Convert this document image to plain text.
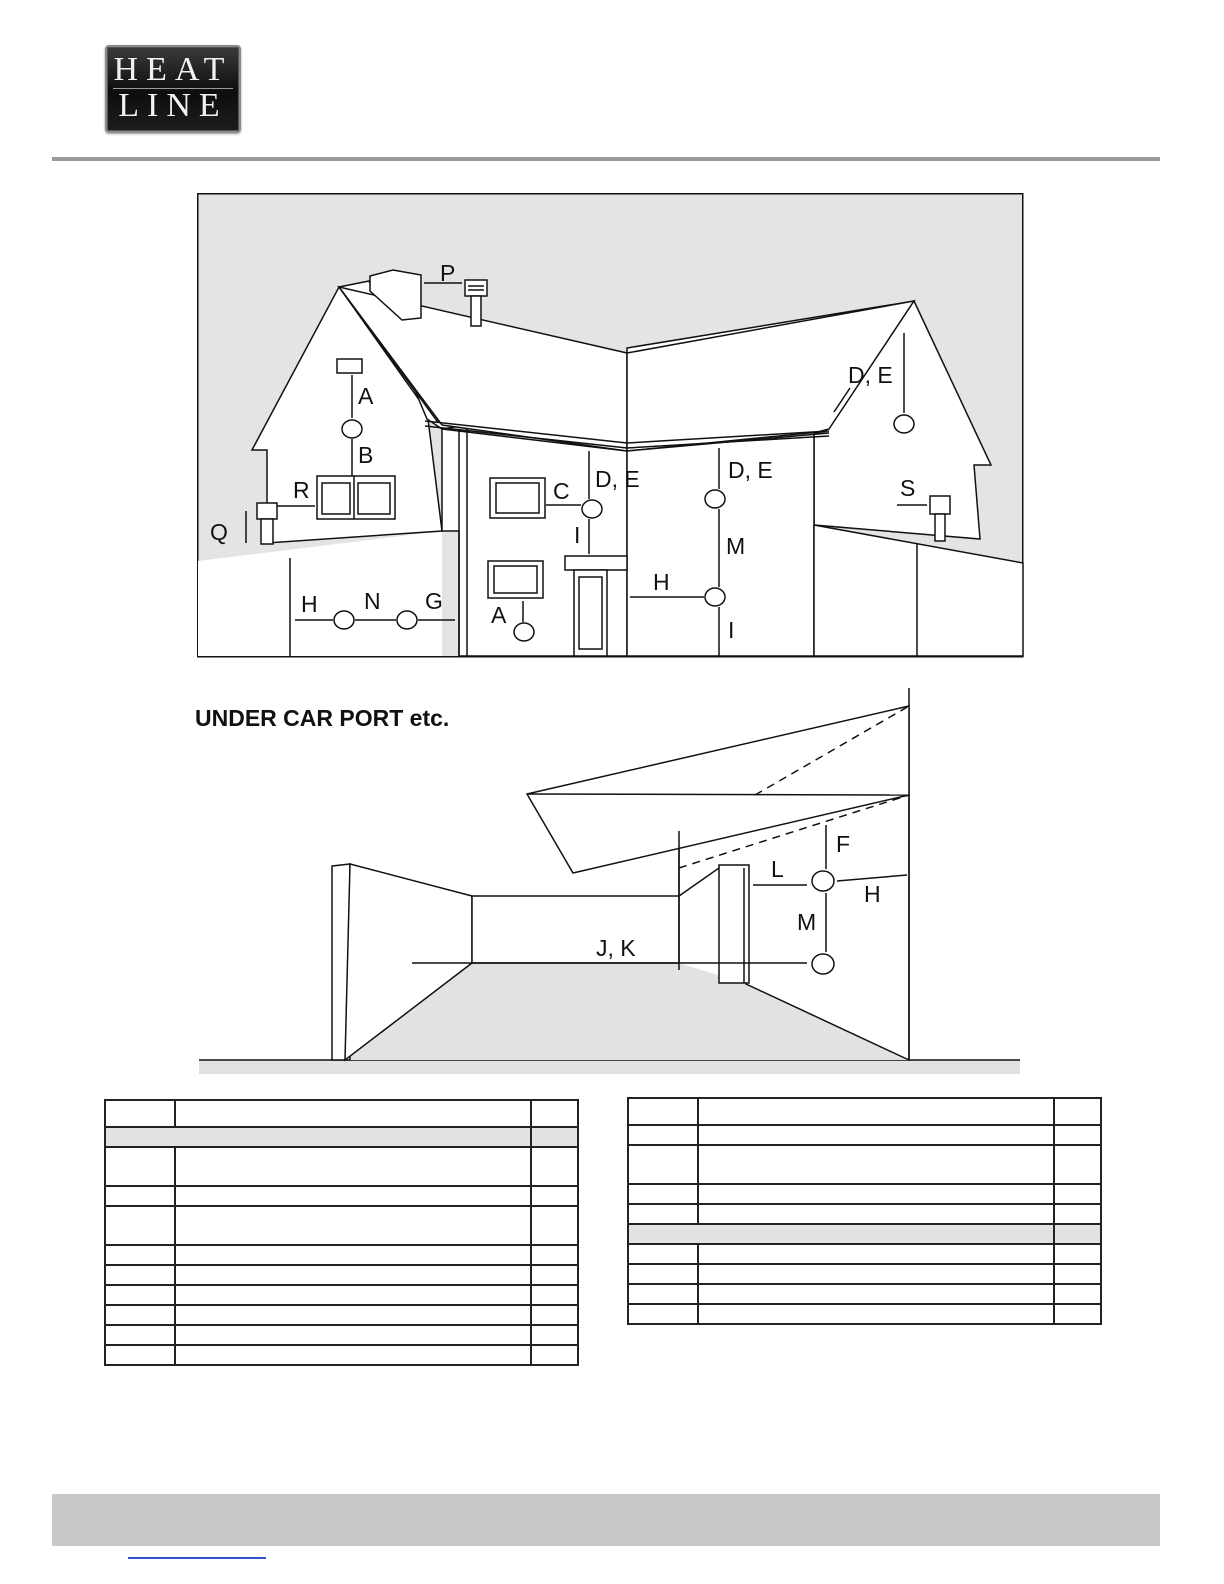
HEAT
LINE
P
A
B
R
Q
H N G
C D, E
I
A
H
D, E
M
I
D, E
S
UNDER CAR PORT etc.
F
L
H
M
J, K
